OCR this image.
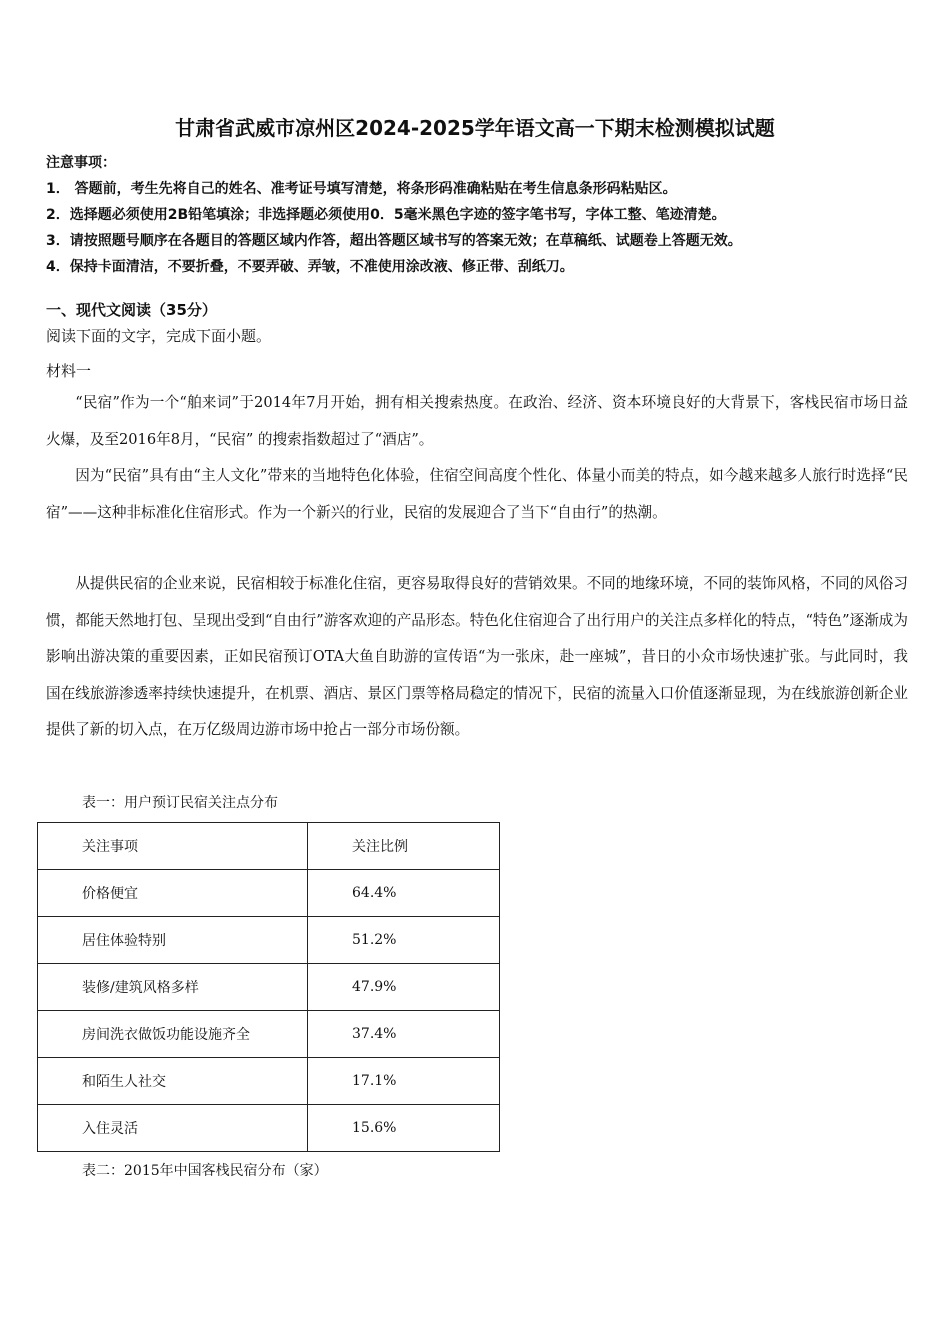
甘肃省武威市凉州区2024-2025学年语文高一下期末检测模拟试题
注意事项：
1． 答题前，考生先将自己的姓名、准考证号填写清楚，将条形码准确粘贴在考生信息条形码粘贴区。
2．选择题必须使用2B铅笔填涂；非选择题必须使用0．5毫米黑色字迹的签字笔书写，字体工整、笔迹清楚。
3．请按照题号顺序在各题目的答题区域内作答，超出答题区域书写的答案无效；在草稿纸、试题卷上答题无效。
4．保持卡面清洁，不要折叠，不要弄破、弄皱，不准使用涂改液、修正带、刮纸刀。
一、现代文阅读（35分）
阅读下面的文字，完成下面小题。
材料一
“民宿”作为一个“舶来词”于2014年7月开始，拥有相关搜索热度。在政治、经济、资本环境良好的大背景下，客栈民宿市场日益火爆，及至2016年8月，“民宿” 的搜索指数超过了“酒店”。
因为“民宿”具有由“主人文化”带来的当地特色化体验，住宿空间高度个性化、体量小而美的特点，如今越来越多人旅行时选择“民宿”——这种非标准化住宿形式。作为一个新兴的行业，民宿的发展迎合了当下“自由行”的热潮。
从提供民宿的企业来说，民宿相较于标准化住宿，更容易取得良好的营销效果。不同的地缘环境，不同的装饰风格，不同的风俗习惯，都能天然地打包、呈现出受到“自由行”游客欢迎的产品形态。特色化住宿迎合了出行用户的关注点多样化的特点，“特色”逐渐成为影响出游决策的重要因素，正如民宿预订OTA大鱼自助游的宣传语“为一张床，赴一座城”，昔日的小众市场快速扩张。与此同时，我国在线旅游渗透率持续快速提升，在机票、酒店、景区门票等格局稳定的情况下，民宿的流量入口价值逐渐显现，为在线旅游创新企业提供了新的切入点，在万亿级周边游市场中抢占一部分市场份额。
表一：用户预订民宿关注点分布
关注事项	关注比例
价格便宜	64.4%
居住体验特别	51.2%
装修/建筑风格多样	47.9%
房间洗衣做饭功能设施齐全	37.4%
和陌生人社交	17.1%
入住灵活	15.6%
表二：2015年中国客栈民宿分布（家）
